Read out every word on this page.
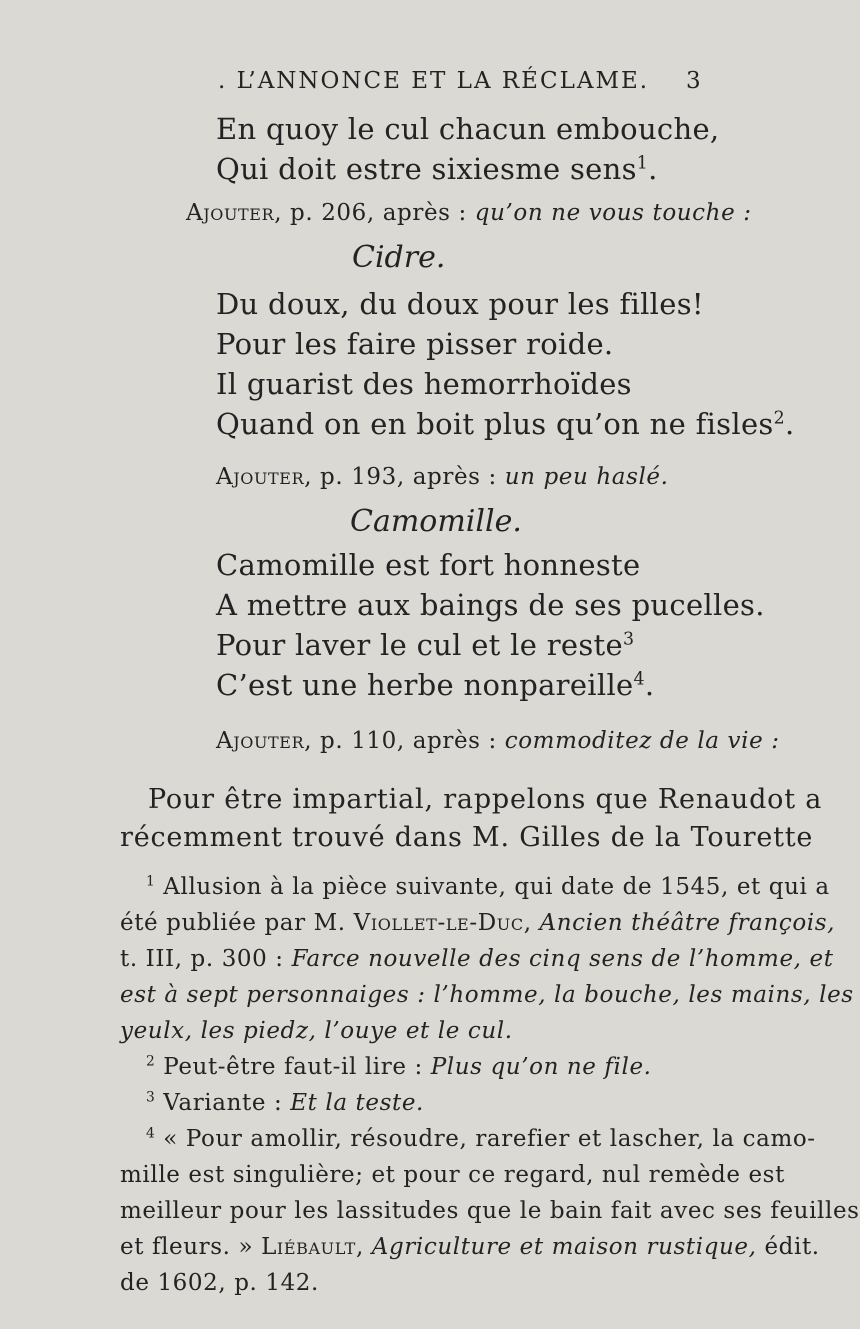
. L’ANNONCE ET LA RÉCLAME. 3
En quoy le cul chacun embouche,
Qui doit estre sixiesme sens$^1$.
Ajouter, p. 206, après : qu’on ne vous touche :
Cidre.
Du doux, du doux pour les filles!
Pour les faire pisser roide.
Il guarist des hemorrhoïdes
Quand on en boit plus qu’on ne fisles$^2$.
Ajouter, p. 193, après : un peu haslé.
Camomille.
Camomille est fort honneste
A mettre aux baings de ses pucelles.
Pour laver le cul et le reste$^3$
C’est une herbe nonpareille$^4$.
Ajouter, p. 110, après : commoditez de la vie :
Pour être impartial, rappelons que Renaudot a
récemment trouvé dans M. Gilles de la Tourette
$^1$ Allusion à la pièce suivante, qui date de 1545, et qui a
été publiée par M. Viollet-le-Duc, Ancien théâtre françois,
t. III, p. 300 : Farce nouvelle des cinq sens de l’homme, et
est à sept personnaiges : l’homme, la bouche, les mains, les
yeulx, les piedz, l’ouye et le cul.
$^2$ Peut-être faut-il lire : Plus qu’on ne file.
$^3$ Variante : Et la teste.
$^4$ « Pour amollir, résoudre, rarefier et lascher, la camo-
mille est singulière; et pour ce regard, nul remède est
meilleur pour les lassitudes que le bain fait avec ses feuilles
et fleurs. » Liébault, Agriculture et maison rustique, édit.
de 1602, p. 142.
